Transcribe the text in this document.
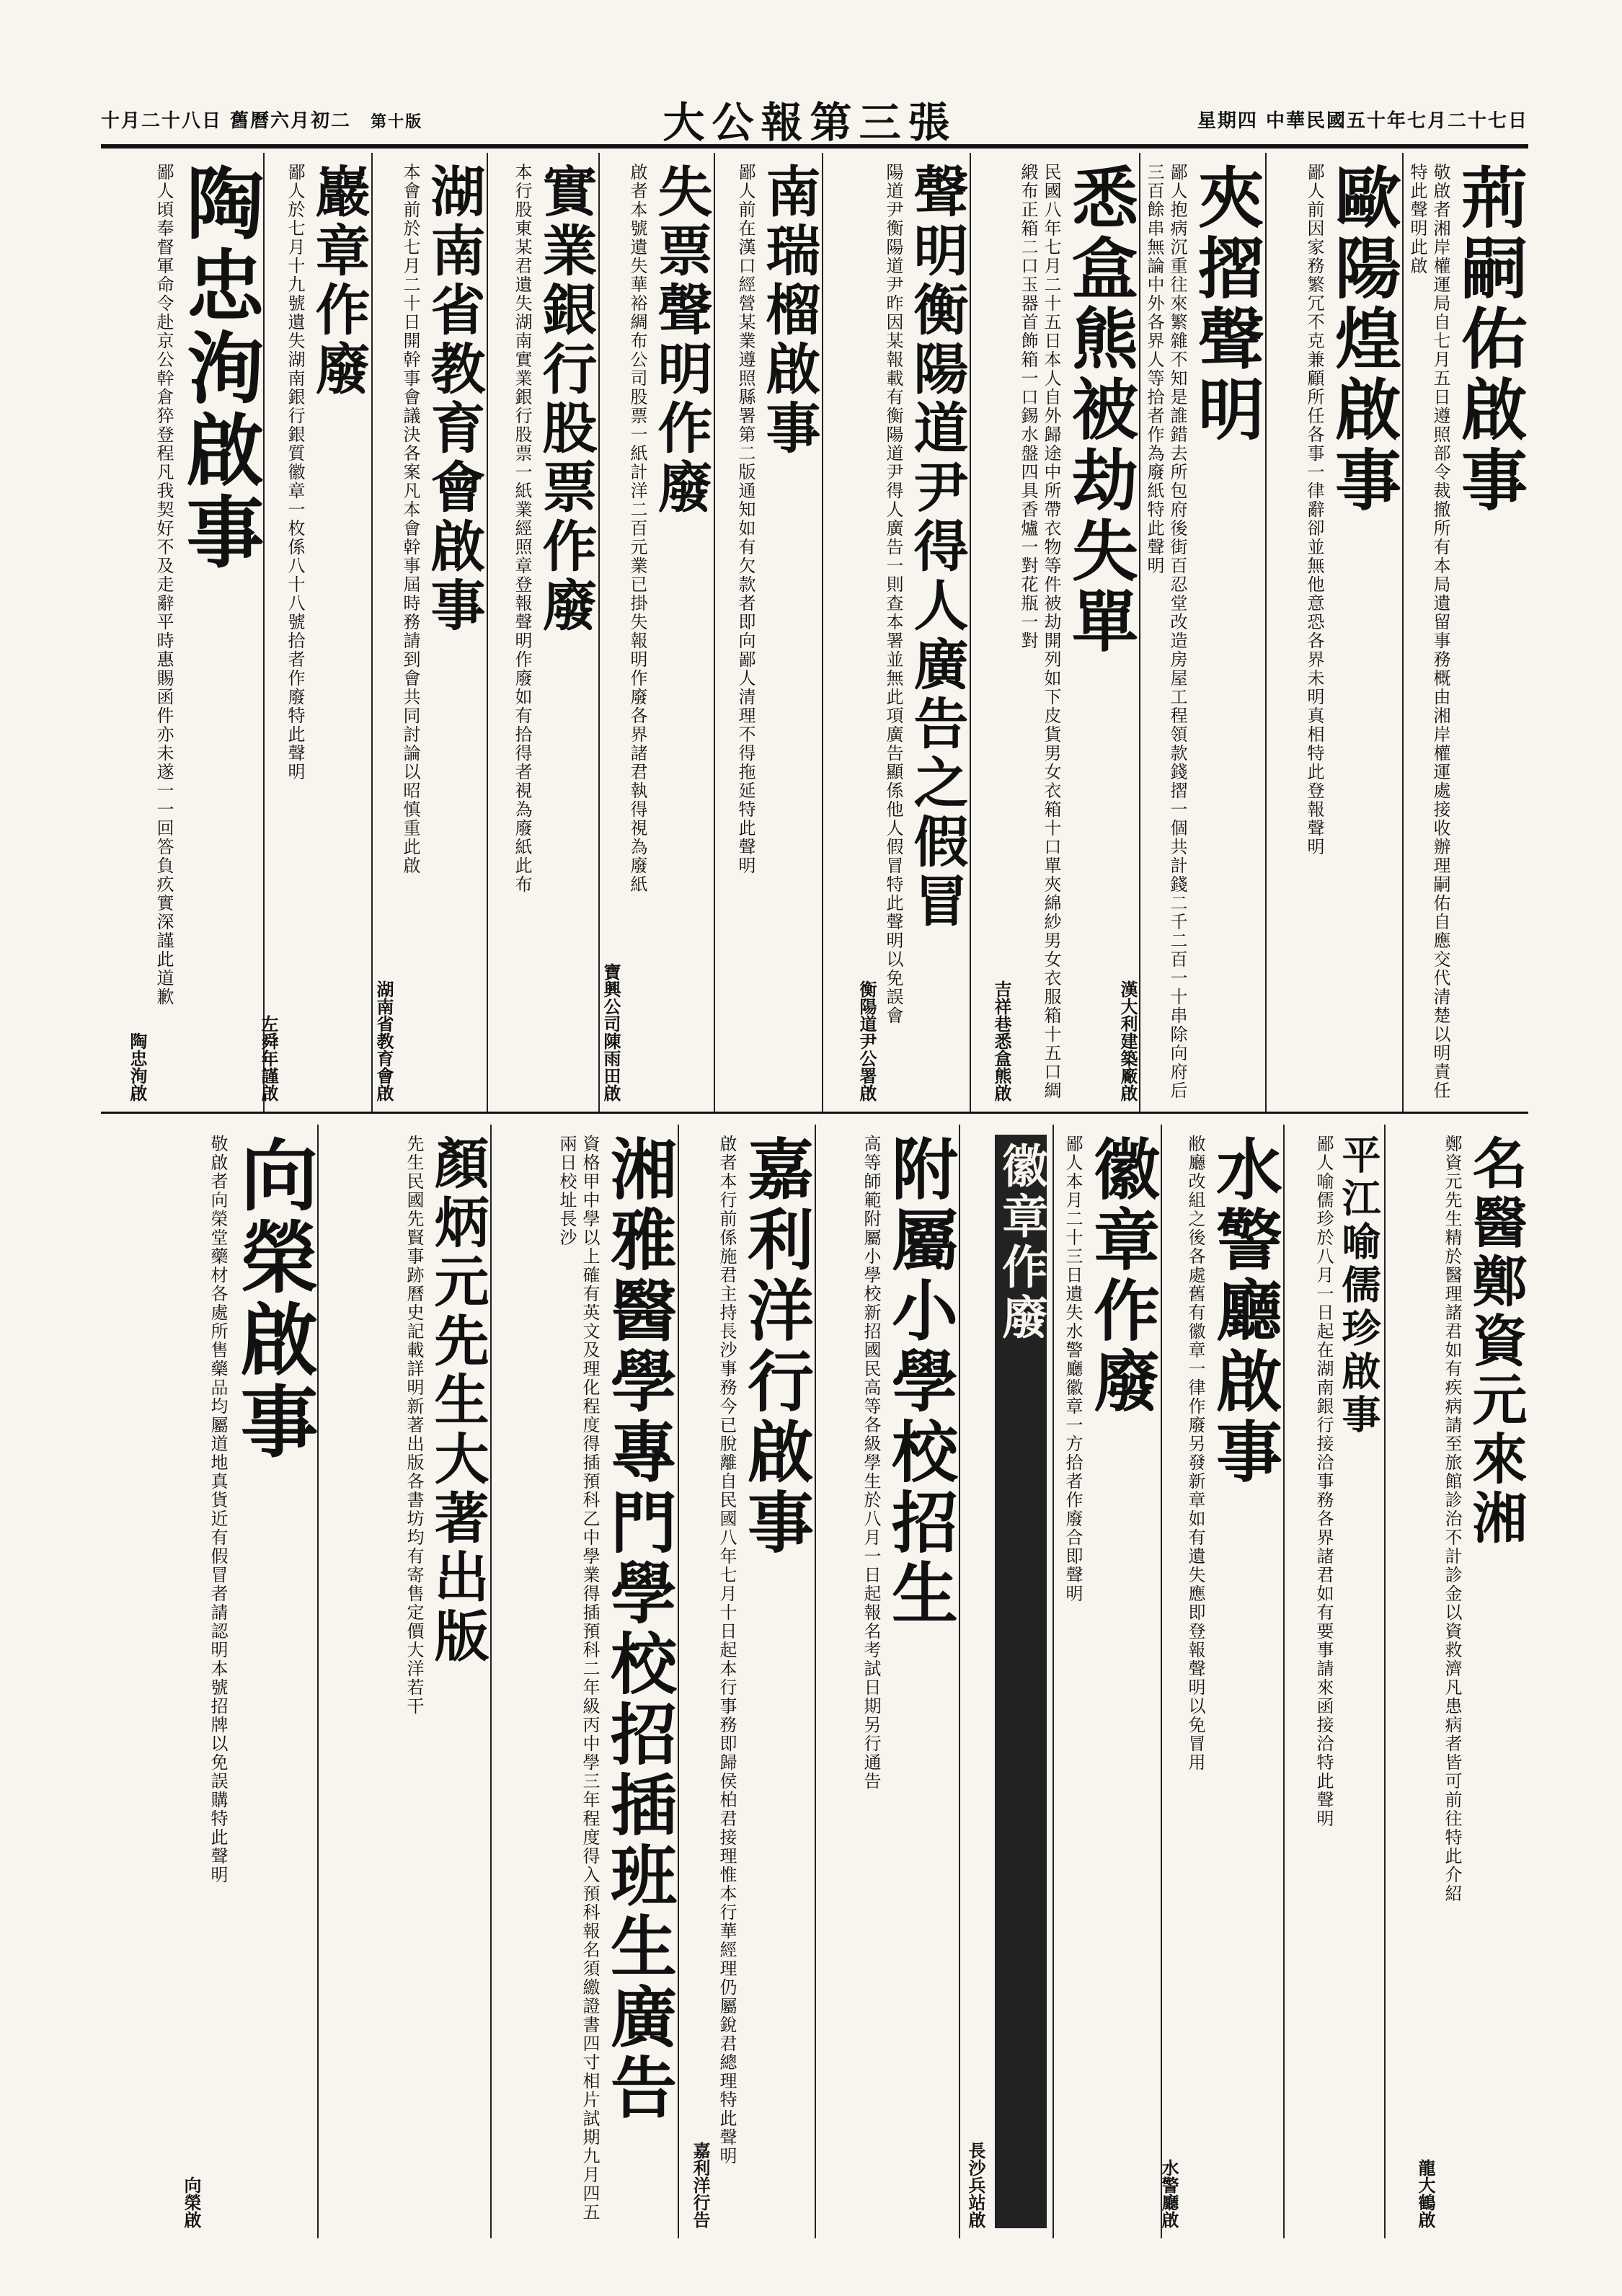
十月二十八日 舊曆六月初二 第十版	大公報第三張	星期四 中華民國五十年七月二十七日
荊嗣佑啟事
敬啟者湘岸權運局自七月五日遵照部令裁撤所有本局遺留事務概由湘岸權運處接收辦理嗣佑自應交代清楚以明責任特此聲明此啟
歐陽煌啟事
鄙人前因家務繁冗不克兼顧所任各事一律辭卻並無他意恐各界未明真相特此登報聲明
夾摺聲明
鄙人抱病沉重往來繁雜不知是誰錯去所包府後街百忍堂改造房屋工程領款錢摺一個共計錢二千二百一十串除向府后三百餘串無論中外各界人等拾者作為廢紙特此聲明
漢大利建築廠啟
悉盒熊被劫失單
民國八年七月二十五日本人自外歸途中所帶衣物等件被劫開列如下皮貨男女衣箱十口單夾綿紗男女衣服箱十五口綢緞布正箱二口玉器首飾箱一口錫水盤四具香爐一對花瓶一對
吉祥巷悉盒熊啟
聲明衡陽道尹得人廣告之假冒
陽道尹衡陽道尹昨因某報載有衡陽道尹得人廣告一則查本署並無此項廣告顯係他人假冒特此聲明以免誤會
衡陽道尹公署啟
南瑞榴啟事
鄙人前在漢口經營某業遵照縣署第二版通知如有欠款者即向鄙人清理不得拖延特此聲明
失票聲明作廢
啟者本號遺失華裕綢布公司股票一紙計洋二百元業已掛失報明作廢各界諸君執得視為廢紙
寶興公司陳雨田啟
實業銀行股票作廢
本行股東某君遺失湖南實業銀行股票一紙業經照章登報聲明作廢如有拾得者視為廢紙此布
湖南省教育會啟事
本會前於七月二十日開幹事會議決各案凡本會幹事屆時務請到會共同討論以昭慎重此啟
湖南省教育會啟
巖章作廢
鄙人於七月十九號遺失湖南銀行銀質徽章一枚係八十八號拾者作廢特此聲明
左舜年謹啟
陶忠洵啟事
鄙人頃奉督軍命令赴京公幹倉猝登程凡我契好不及走辭平時惠賜函件亦未遂一一回答負疚實深謹此道歉
陶忠洵啟
名醫鄭資元來湘
鄭資元先生精於醫理諸君如有疾病請至旅館診治不計診金以資救濟凡患病者皆可前往特此介紹
龍大鶴啟
平江喻儒珍啟事
鄙人喻儒珍於八月一日起在湖南銀行接洽事務各界諸君如有要事請來函接洽特此聲明
水警廳啟事
敝廳改組之後各處舊有徽章一律作廢另發新章如有遺失應即登報聲明以免冒用
水警廳啟
徽章作廢
鄙人本月二十三日遺失水警廳徽章一方拾者作廢合即聲明
徽章作廢
長沙兵站啟
附屬小學校招生
高等師範附屬小學校新招國民高等各級學生於八月一日起報名考試日期另行通告
嘉利洋行啟事
啟者本行前係施君主持長沙事務今已脫離自民國八年七月十日起本行事務即歸侯柏君接理惟本行華經理仍屬銳君總理特此聲明
嘉利洋行告
湘雅醫學專門學校招插班生廣告
資格甲中學以上確有英文及理化程度得插預科乙中學業得插預科二年級丙中學三年程度得入預科報名須繳證書四寸相片試期九月四五兩日校址長沙
顏炳元先生大著出版
先生民國先賢事跡曆史記載詳明新著出版各書坊均有寄售定價大洋若干
向榮啟事
敬啟者向榮堂藥材各處所售藥品均屬道地真貨近有假冒者請認明本號招牌以免誤購特此聲明
向榮啟
